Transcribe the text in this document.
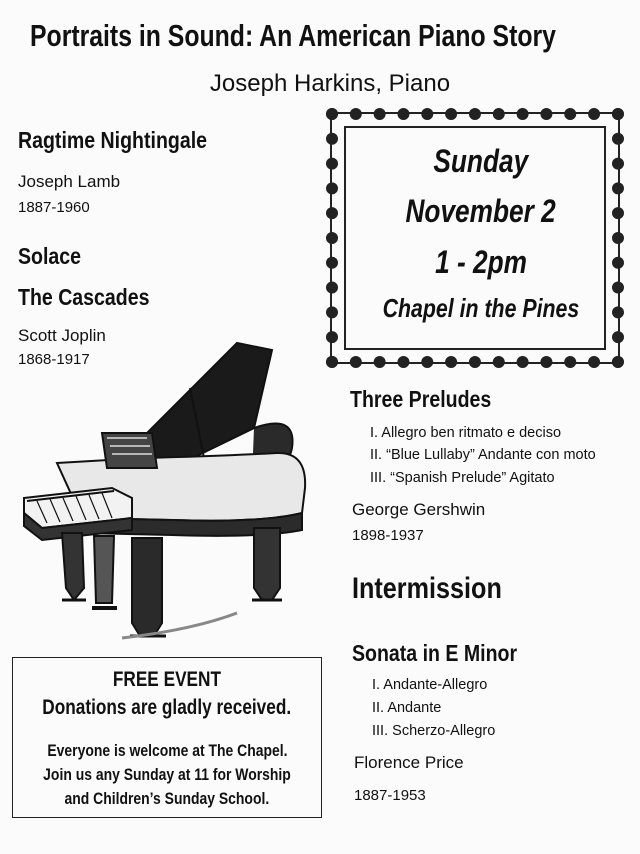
Portraits in Sound: An American Piano Story
Joseph Harkins, Piano
Ragtime Nightingale
Joseph Lamb
1887-1960
Solace
The Cascades
Scott Joplin
1868-1917
Sunday
November 2
1 - 2pm
Chapel in the Pines
Three Preludes
I. Allegro ben ritmato e deciso
II. “Blue Lullaby” Andante con moto
III. “Spanish Prelude” Agitato
George Gershwin
1898-1937
Intermission
Sonata in E Minor
I. Andante-Allegro
II. Andante
III. Scherzo-Allegro
Florence Price
1887-1953
FREE EVENT
Donations are gladly received.
Everyone is welcome at The Chapel.
Join us any Sunday at 11 for Worship
and Children’s Sunday School.
